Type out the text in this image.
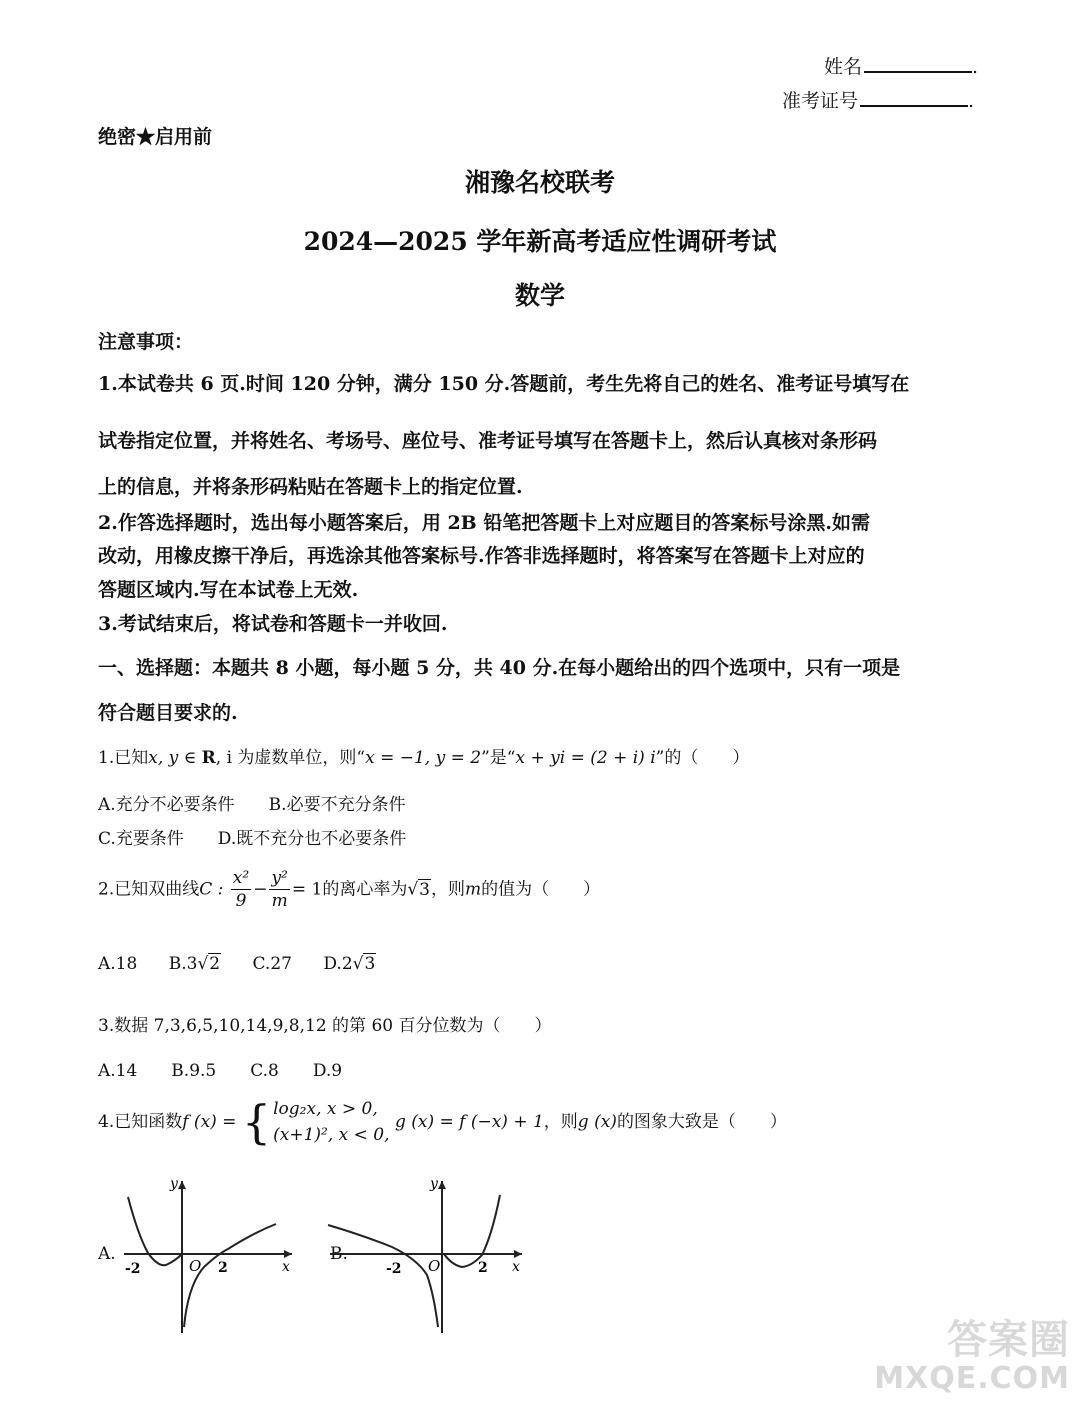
姓名	.
准考证号	.
绝密★启用前
湘豫名校联考
2024—2025 学年新高考适应性调研考试
数学
注意事项：
1.本试卷共 6 页.时间 120 分钟，满分 150 分.答题前，考生先将自己的姓名、准考证号填写在
试卷指定位置，并将姓名、考场号、座位号、准考证号填写在答题卡上，然后认真核对条形码
上的信息，并将条形码粘贴在答题卡上的指定位置.
2.作答选择题时，选出每小题答案后，用 2B 铅笔把答题卡上对应题目的答案标号涂黑.如需
改动，用橡皮擦干净后，再选涂其他答案标号.作答非选择题时，将答案写在答题卡上对应的
答题区域内.写在本试卷上无效.
3.考试结束后，将试卷和答题卡一并收回.
一、选择题：本题共 8 小题，每小题 5 分，共 40 分.在每小题给出的四个选项中，只有一项是
符合题目要求的.
1.已知x, y ∈ R, i 为虚数单位，则“x = −1, y = 2”是“x + yi = (2 + i) i”的（　　）
A.充分不必要条件　　B.必要不充分条件
C.充要条件　　D.既不充分也不必要条件
2.已知双曲线C : $\frac{\text{x²}}{9} - \frac{\text{y²}}{m} = 1$的离心率为√3，则m的值为（　　）
A.18 B.3√2 C.27 D.2√3
3.数据 7,3,6,5,10,14,9,8,12 的第 60 百分位数为（　　）
A.14　　B.9.5　　C.8　　D.9
4.已知函数f (x) = { log₂x, x > 0,
(x+1)², x < 0,
g (x) = f (−x) + 1，则g (x)的图象大致是（　　）
A.
y
x
-2	O 2
B.
y
x
-2 O	2
答案圈
MXQE.COM
